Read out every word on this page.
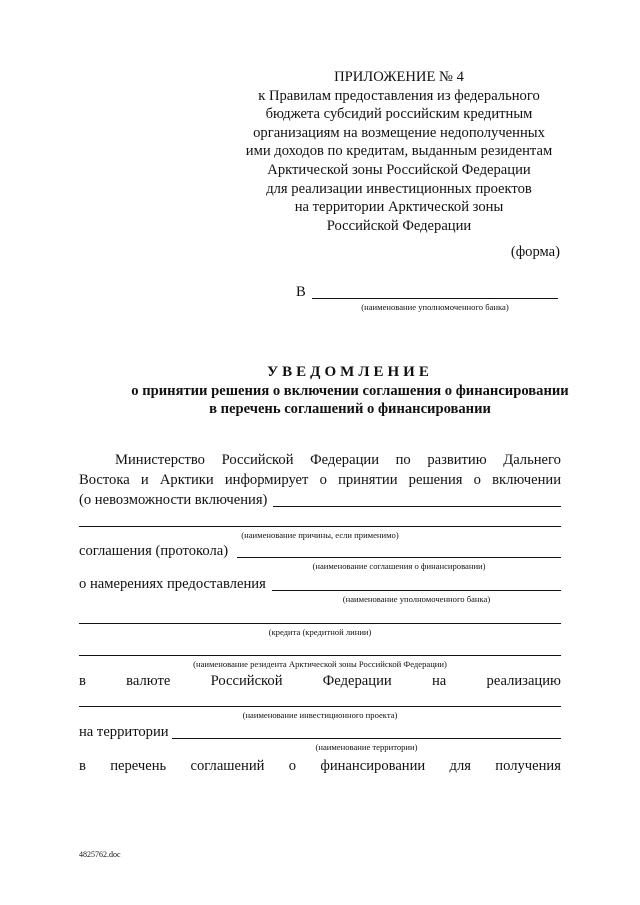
ПРИЛОЖЕНИЕ № 4
к Правилам предоставления из федерального
бюджета субсидий российским кредитным
организациям на возмещение недополученных
ими доходов по кредитам, выданным резидентам
Арктической зоны Российской Федерации
для реализации инвестиционных проектов
на территории Арктической зоны
Российской Федерации
(форма)
В
(наименование уполномоченного банка)
УВЕДОМЛЕНИЕ
о принятии решения о включении соглашения о финансировании
в перечень соглашений о финансировании
Министерство Российской Федерации по развитию Дальнего
Востока и Арктики информирует о принятии решения о включении
(о невозможности включения)
(наименование причины, если применимо)
соглашения (протокола)
(наименование соглашения о финансировании)
о намерениях предоставления
(наименование уполномоченного банка)
(кредита (кредитной линии)
(наименование резидента Арктической зоны Российской Федерации)
в	валюте	Российской	Федерации	на	реализацию
(наименование инвестиционного проекта)
на территории
(наименование территории)
в перечень соглашений о финансировании для получения
4825762.doc
